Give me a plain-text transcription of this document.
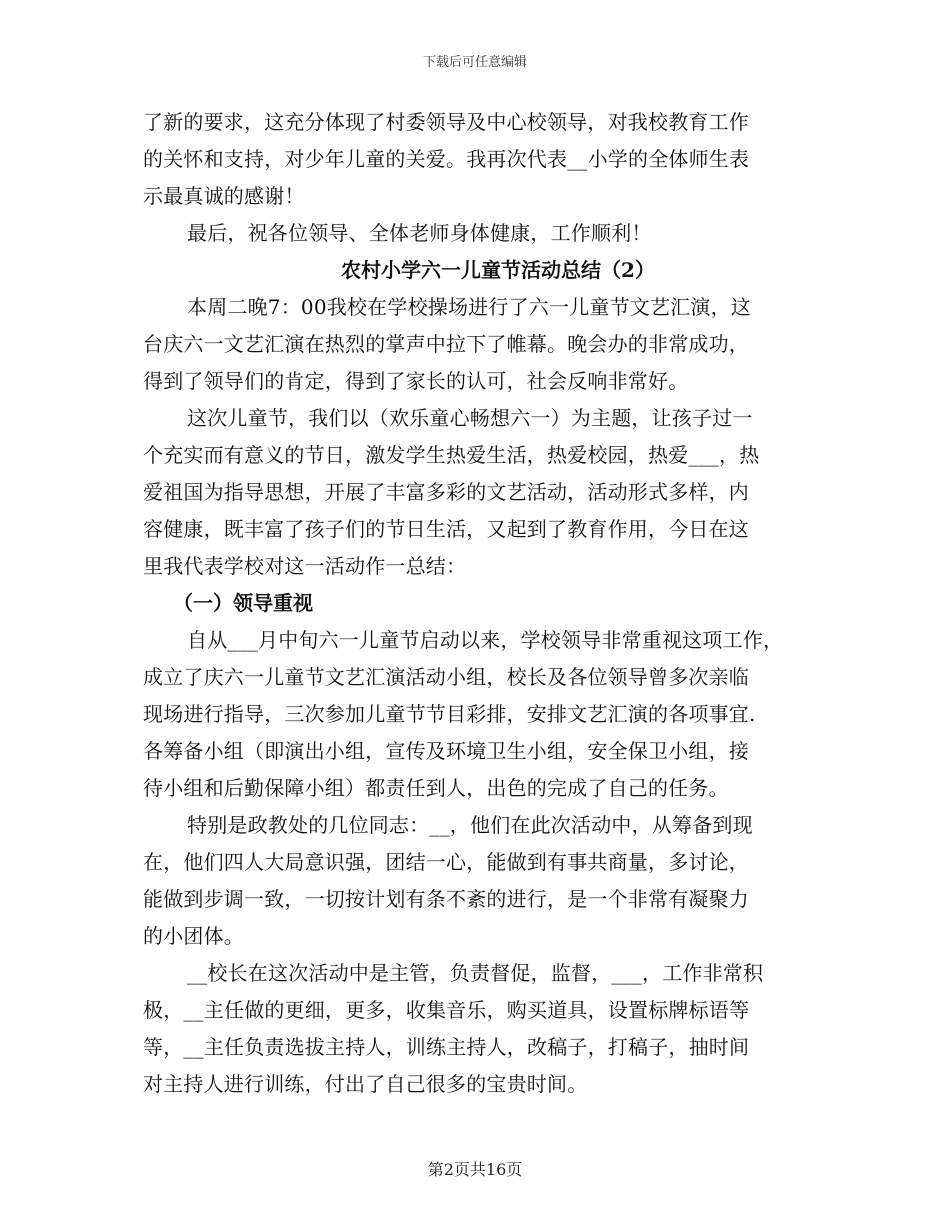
下载后可任意编辑
了新的要求，这充分体现了村委领导及中心校领导，对我校教育工作
的关怀和支持，对少年儿童的关爱。我再次代表__小学的全体师生表
示最真诚的感谢！
最后，祝各位领导、全体老师身体健康，工作顺利！
农村小学六一儿童节活动总结（2）
本周二晚7：00我校在学校操场进行了六一儿童节文艺汇演，这
台庆六一文艺汇演在热烈的掌声中拉下了帷幕。晚会办的非常成功，
得到了领导们的肯定，得到了家长的认可，社会反响非常好。
这次儿童节，我们以（欢乐童心畅想六一）为主题，让孩子过一
个充实而有意义的节日，激发学生热爱生活，热爱校园，热爱___，热
爱祖国为指导思想，开展了丰富多彩的文艺活动，活动形式多样，内
容健康，既丰富了孩子们的节日生活，又起到了教育作用，今日在这
里我代表学校对这一活动作一总结：
（一）领导重视
自从___月中旬六一儿童节启动以来，学校领导非常重视这项工作，
成立了庆六一儿童节文艺汇演活动小组，校长及各位领导曾多次亲临
现场进行指导，三次参加儿童节节目彩排，安排文艺汇演的各项事宜.
各筹备小组（即演出小组，宣传及环境卫生小组，安全保卫小组，接
待小组和后勤保障小组）都责任到人，出色的完成了自己的任务。
特别是政教处的几位同志：__，他们在此次活动中，从筹备到现
在，他们四人大局意识强，团结一心，能做到有事共商量，多讨论，
能做到步调一致，一切按计划有条不紊的进行，是一个非常有凝聚力
的小团体。
__校长在这次活动中是主管，负责督促，监督，___，工作非常积
极，__主任做的更细，更多，收集音乐，购买道具，设置标牌标语等
等，__主任负责选拔主持人，训练主持人，改稿子，打稿子，抽时间
对主持人进行训练，付出了自己很多的宝贵时间。
第2页共16页
